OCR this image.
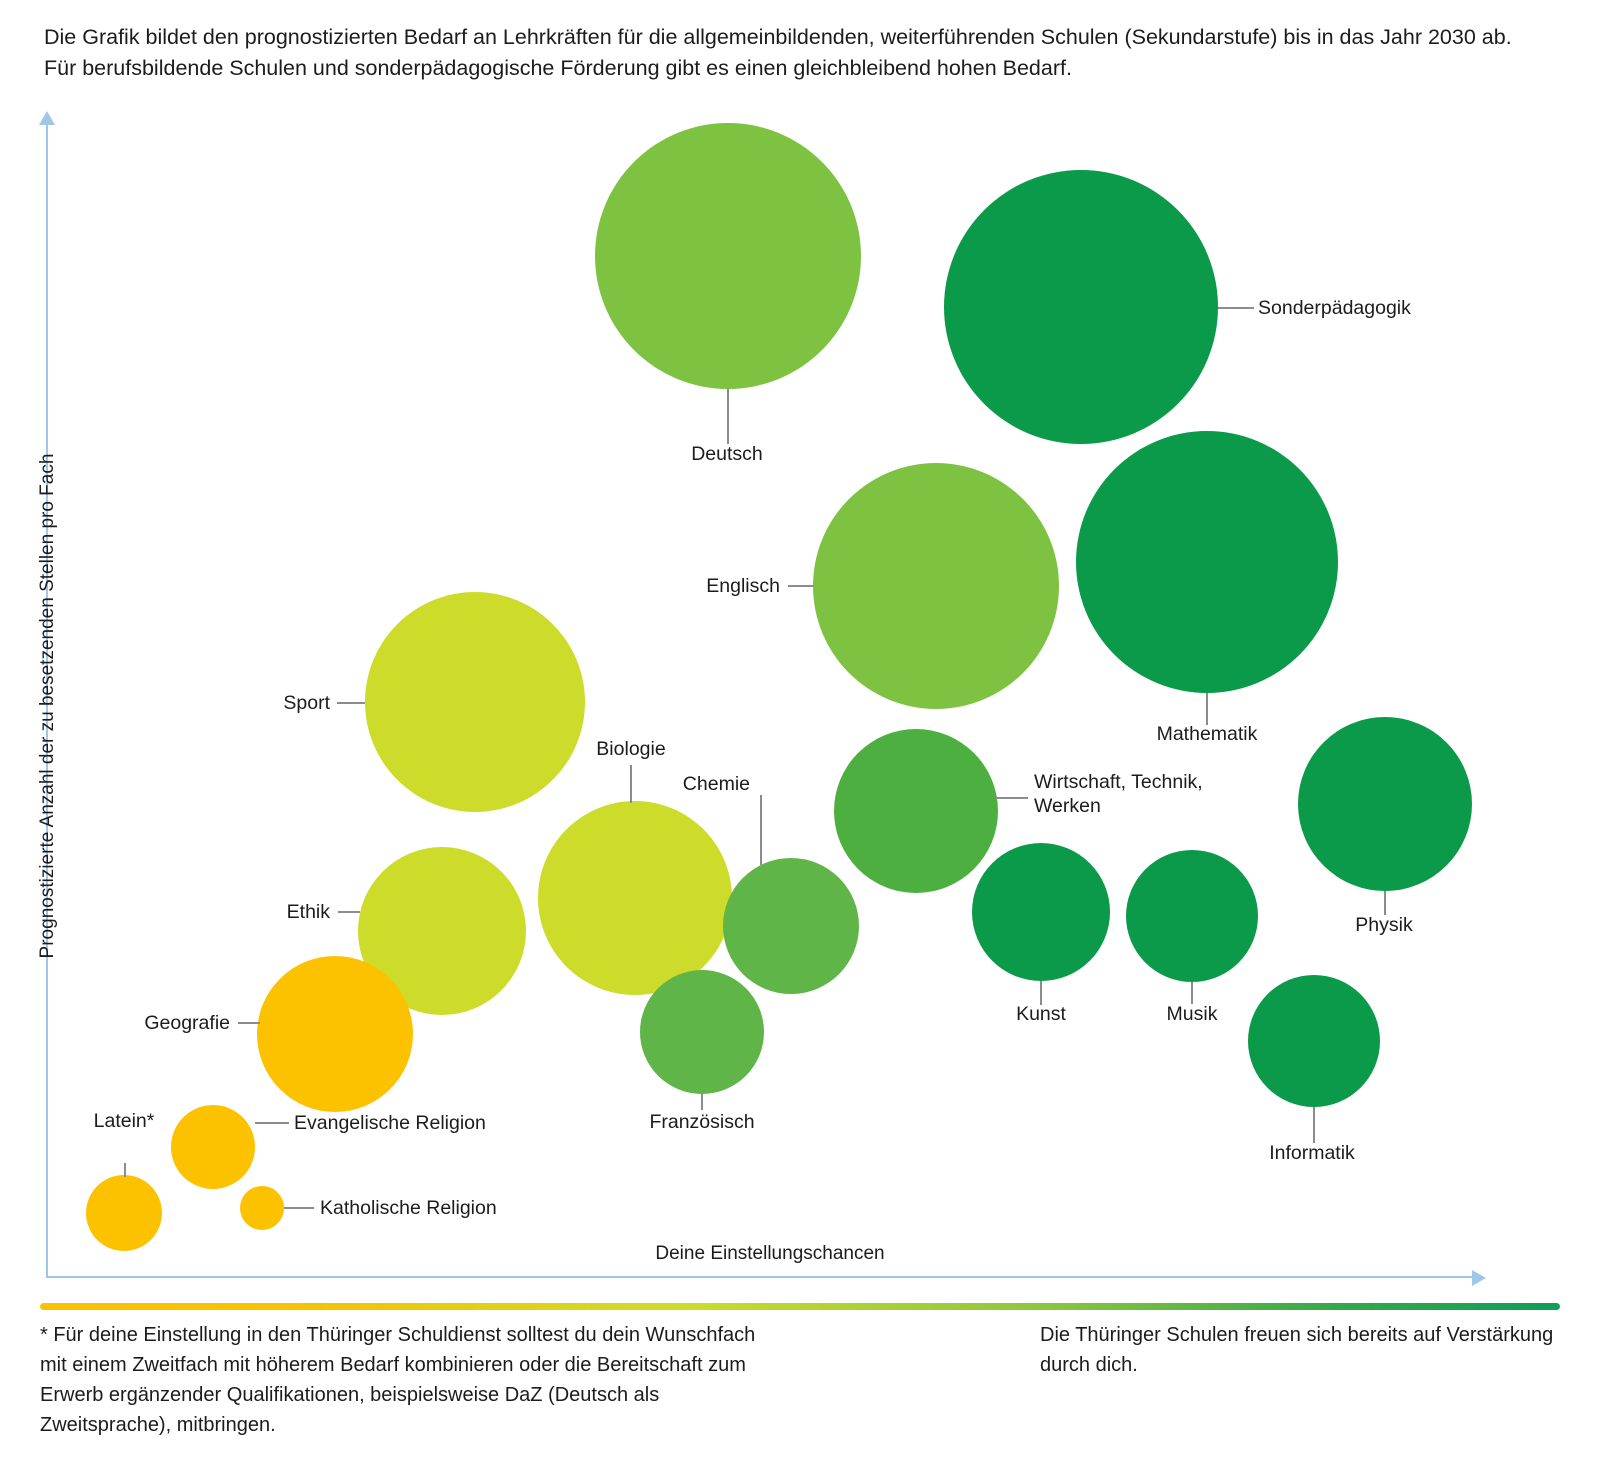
Die Grafik bildet den prognostizierten Bedarf an Lehrkräften für die allgemeinbildenden, weiterführenden Schulen (Sekundarstufe) bis in das Jahr 2030 ab. Für berufsbildende Schulen und sonderpädagogische Förderung gibt es einen gleichbleibend hohen Bedarf.
Prognostizierte Anzahl der zu besetzenden Stellen pro Fach
Deine Einstellungschancen
Deutsch
Sonderpädagogik
Mathematik
Englisch
Sport
Biologie
Chemie	Wirtschaft, Technik, Werken
Physik
Ethik
Kunst	Musik
Informatik
Französisch
Geografie
Evangelische Religion
Latein*
Katholische Religion
* Für deine Einstellung in den Thüringer Schuldienst solltest du dein Wunschfach mit einem Zweitfach mit höherem Bedarf kombinieren oder die Bereitschaft zum Erwerb ergänzender Qualifikationen, beispielsweise DaZ (Deutsch als Zweitsprache), mitbringen.
Die Thüringer Schulen freuen sich bereits auf Verstärkung durch dich.
